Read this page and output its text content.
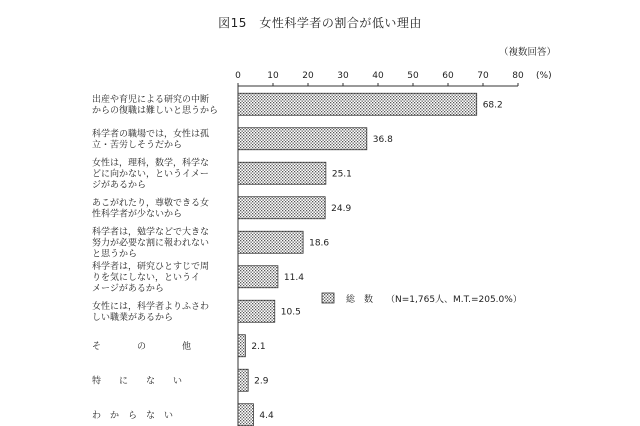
図15　女性科学者の割合が低い理由
（複数回答）
0	10	20	30	40	50	60	70	80 (%)
68.2
出産や育児による研究の中断からの復職は難しいと思うから
36.8
科学者の職場では，女性は孤立・苦労しそうだから
25.1
女性は，理科，数学，科学などに向かない，というイメージがあるから
24.9
あこがれたり，尊敬できる女性科学者が少ないから
18.6
科学者は，勉学などで大きな努力が必要な割に報われないと思うから
11.4
科学者は，研究ひとすじで周りを気にしない，というイメージがあるから
10.5
女性には，科学者よりふさわしい職業があるから
2.1
そ　　　　の　　　　他
2.9
特　　に　　な　　い
4.4
わ　か　ら　な　い
総　数 （N=1,765人、M.T.=205.0%）
